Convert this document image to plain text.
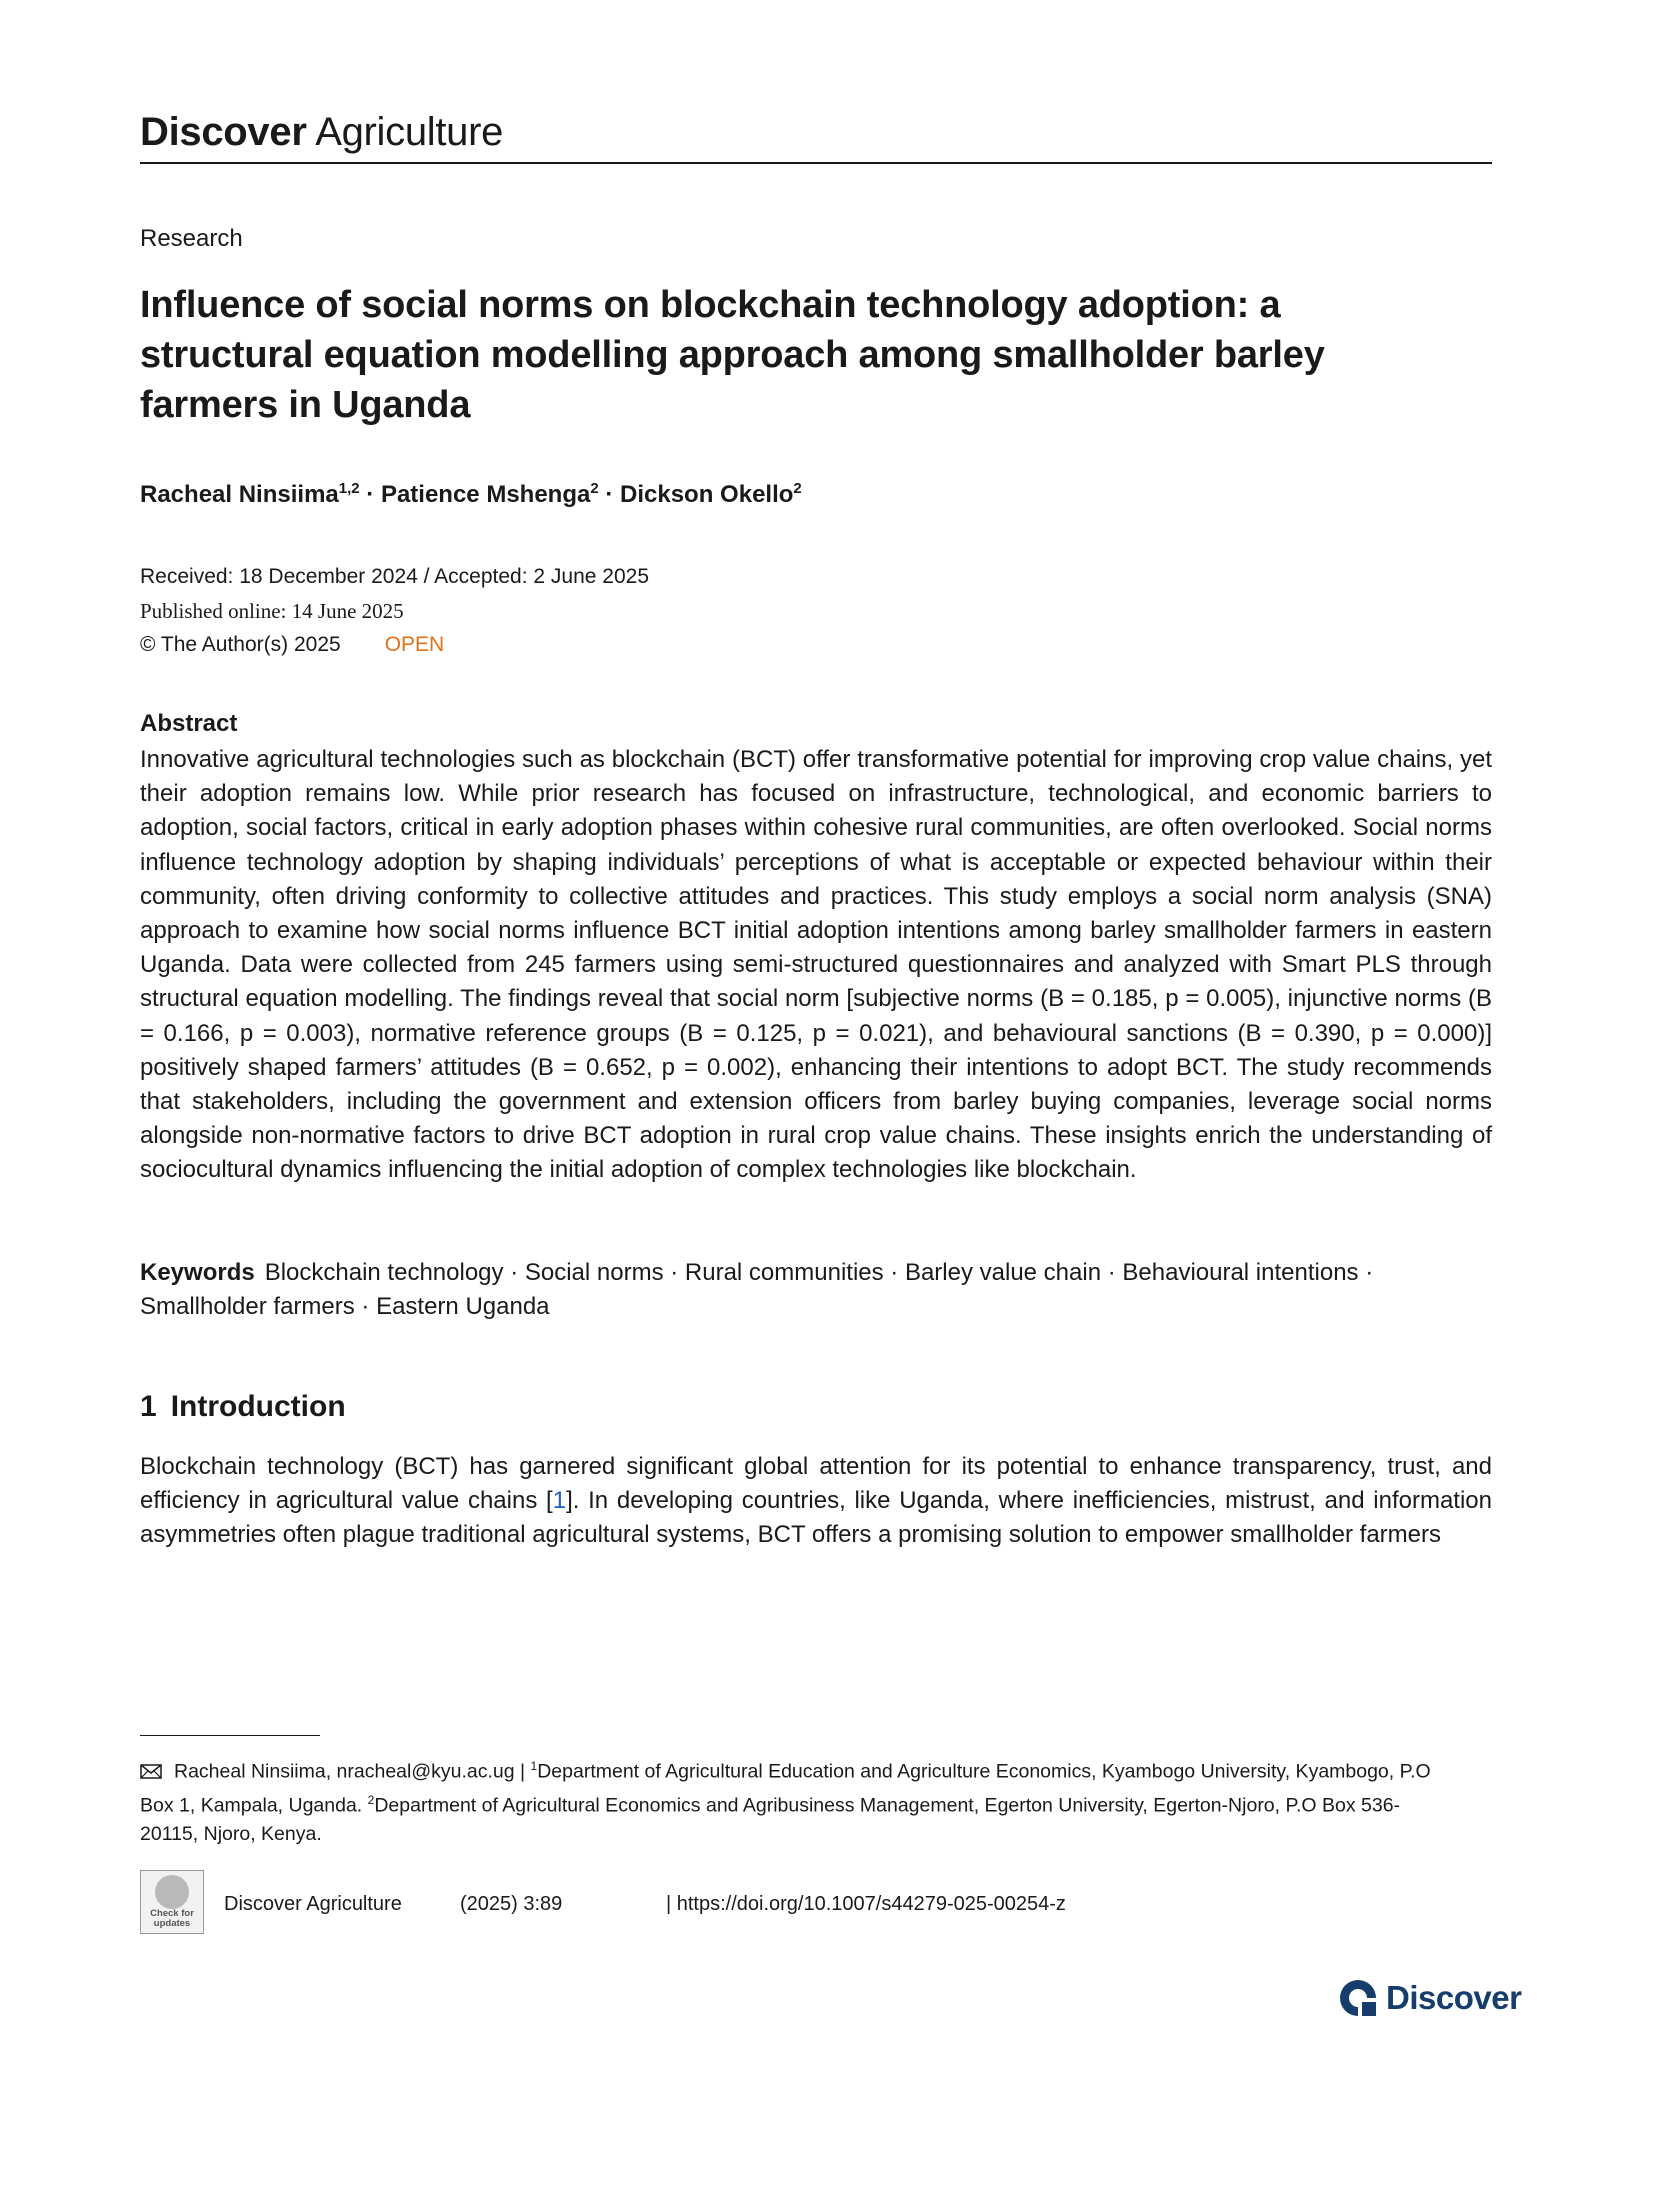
Discover Agriculture
Research
Influence of social norms on blockchain technology adoption: a structural equation modelling approach among smallholder barley farmers in Uganda
Racheal Ninsiima$^{1,2}$ · Patience Mshenga$^2$ · Dickson Okello$^2$
Received: 18 December 2024 / Accepted: 2 June 2025
Published online: 14 June 2025
© The Author(s) 2025 OPEN
Abstract
Innovative agricultural technologies such as blockchain (BCT) offer transformative potential for improving crop value chains, yet their adoption remains low. While prior research has focused on infrastructure, technological, and economic barriers to adoption, social factors, critical in early adoption phases within cohesive rural communities, are often overlooked. Social norms influence technology adoption by shaping individuals’ perceptions of what is acceptable or expected behaviour within their community, often driving conformity to collective attitudes and practices. This study employs a social norm analysis (SNA) approach to examine how social norms influence BCT initial adoption intentions among barley smallholder farmers in eastern Uganda. Data were collected from 245 farmers using semi-structured questionnaires and analyzed with Smart PLS through structural equation modelling. The findings reveal that social norm [subjective norms (B = 0.185, p = 0.005), injunctive norms (B = 0.166, p = 0.003), normative reference groups (B = 0.125, p = 0.021), and behavioural sanctions (B = 0.390, p = 0.000)] positively shaped farmers’ attitudes (B = 0.652, p = 0.002), enhancing their intentions to adopt BCT. The study recommends that stakeholders, including the government and extension officers from barley buying companies, leverage social norms alongside non-normative factors to drive BCT adoption in rural crop value chains. These insights enrich the understanding of sociocultural dynamics influencing the initial adoption of complex technologies like blockchain.
Keywords Blockchain technology · Social norms · Rural communities · Barley value chain · Behavioural intentions · Smallholder farmers · Eastern Uganda
1 Introduction
Blockchain technology (BCT) has garnered significant global attention for its potential to enhance transparency, trust, and efficiency in agricultural value chains [1]. In developing countries, like Uganda, where inefficiencies, mistrust, and information asymmetries often plague traditional agricultural systems, BCT offers a promising solution to empower smallholder farmers
Racheal Ninsiima, nracheal@kyu.ac.ug | $^1$Department of Agricultural Education and Agriculture Economics, Kyambogo University, Kyambogo, P.O Box 1, Kampala, Uganda. $^2$Department of Agricultural Economics and Agribusiness Management, Egerton University, Egerton-Njoro, P.O Box 536-20115, Njoro, Kenya.
Check for updates
Discover Agriculture	(2025) 3:89	| https://doi.org/10.1007/s44279-025-00254-z
Discover
